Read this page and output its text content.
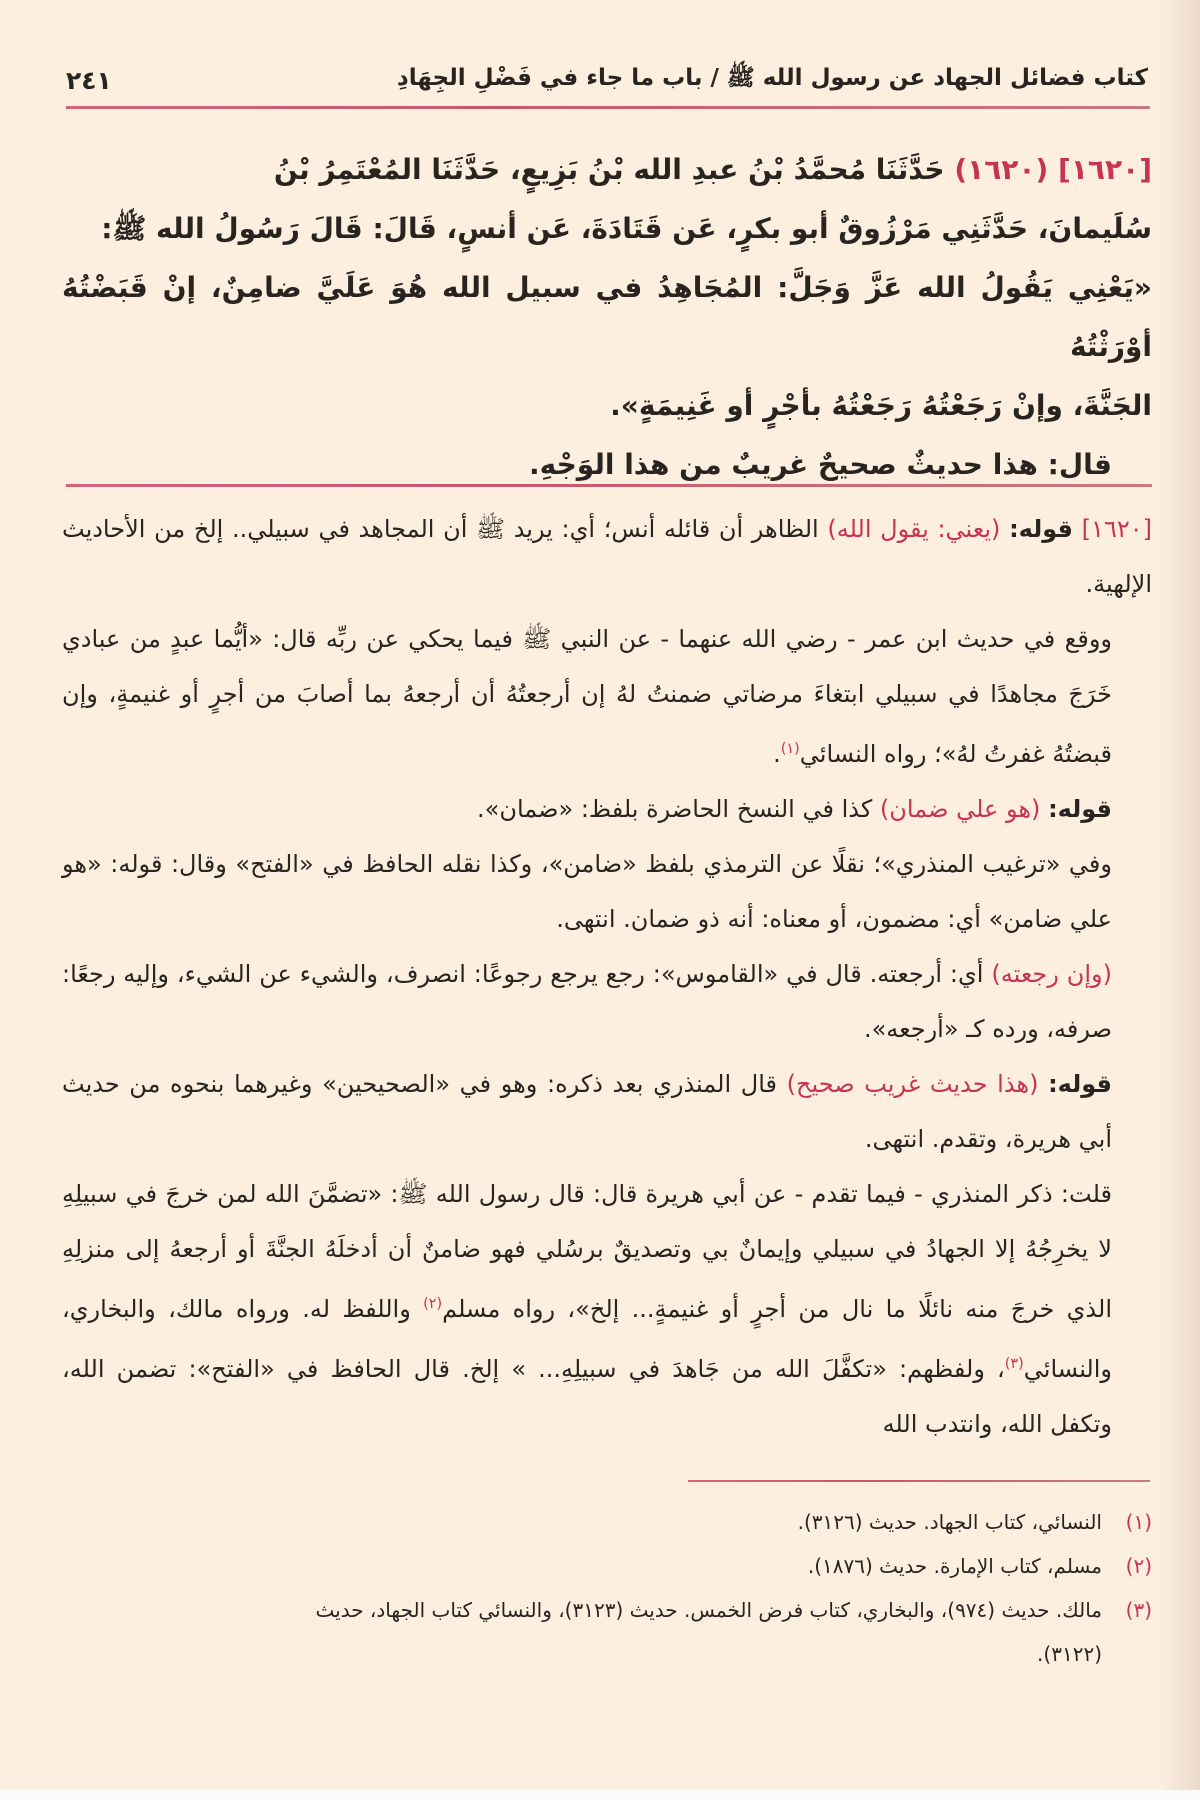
٢٤١	كتاب فضائل الجهاد عن رسول الله ﷺ / باب ما جاء في فَضْلِ الجِهَادِ

[١٦٢٠] (١٦٢٠) حَدَّثَنَا مُحمَّدُ بْنُ عبدِ الله بْنُ بَزِيعٍ، حَدَّثَنَا المُعْتَمِرُ بْنُ

سُلَيمانَ، حَدَّثَنِي مَرْزُوقٌ أبو بكرٍ، عَن قَتَادَةَ، عَن أنسٍ، قَالَ: قَالَ رَسُولُ الله ﷺ:

«يَعْنِي يَقُولُ الله عَزَّ وَجَلَّ: المُجَاهِدُ في سبيل الله هُوَ عَلَيَّ ضامِنٌ، إنْ قَبَضْتُهُ أوْرَثْتُهُ

الجَنَّةَ، وإنْ رَجَعْتُهُ رَجَعْتُهُ بأجْرٍ أو غَنِيمَةٍ».

قال: هذا حديثٌ صحيحٌ غريبٌ من هذا الوَجْهِ.

[١٦٢٠] قوله: (يعني: يقول الله) الظاهر أن قائله أنس؛ أي: يريد ﷺ أن المجاهد في سبيلي.. إلخ من الأحاديث الإلهية.

ووقع في حديث ابن عمر - رضي الله عنهما - عن النبي ﷺ فيما يحكي عن ربِّه قال: «أيُّما عبدٍ من عبادي خَرَجَ مجاهدًا في سبيلي ابتغاءَ مرضاتي ضمنتُ لهُ إن أرجعتُهُ أن أرجعهُ بما أصابَ من أجرٍ أو غنيمةٍ، وإن قبضتُهُ غفرتُ لهُ»؛ رواه النسائي$^{(١)}$.

قوله: (هو علي ضمان) كذا في النسخ الحاضرة بلفظ: «ضمان».

وفي «ترغيب المنذري»؛ نقلًا عن الترمذي بلفظ «ضامن»، وكذا نقله الحافظ في «الفتح» وقال: قوله: «هو علي ضامن» أي: مضمون، أو معناه: أنه ذو ضمان. انتهى.

(وإن رجعته) أي: أرجعته. قال في «القاموس»: رجع يرجع رجوعًا: انصرف، والشيء عن الشيء، وإليه رجعًا: صرفه، ورده كـ «أرجعه».

قوله: (هذا حديث غريب صحيح) قال المنذري بعد ذكره: وهو في «الصحيحين» وغيرهما بنحوه من حديث أبي هريرة، وتقدم. انتهى.

قلت: ذكر المنذري - فيما تقدم - عن أبي هريرة قال: قال رسول الله ﷺ: «تضمَّنَ الله لمن خرجَ في سبيلِهِ لا يخرِجُهُ إلا الجهادُ في سبيلي وإيمانٌ بي وتصديقٌ برسُلي فهو ضامنٌ أن أدخلَهُ الجنَّةَ أو أرجعهُ إلى منزلِهِ الذي خرجَ منه نائلًا ما نال من أجرٍ أو غنيمةٍ... إلخ»، رواه مسلم$^{(٢)}$ واللفظ له. ورواه مالك، والبخاري، والنسائي$^{(٣)}$، ولفظهم: «تكفَّلَ الله من جَاهدَ في سبيلِهِ... » إلخ. قال الحافظ في «الفتح»: تضمن الله، وتكفل الله، وانتدب الله

(١)
النسائي، كتاب الجهاد. حديث (٣١٢٦).
(٢)
مسلم، كتاب الإمارة. حديث (١٨٧٦).
(٣)
مالك. حديث (٩٧٤)، والبخاري، كتاب فرض الخمس. حديث (٣١٢٣)، والنسائي كتاب الجهاد، حديث
(٣١٢٢).
